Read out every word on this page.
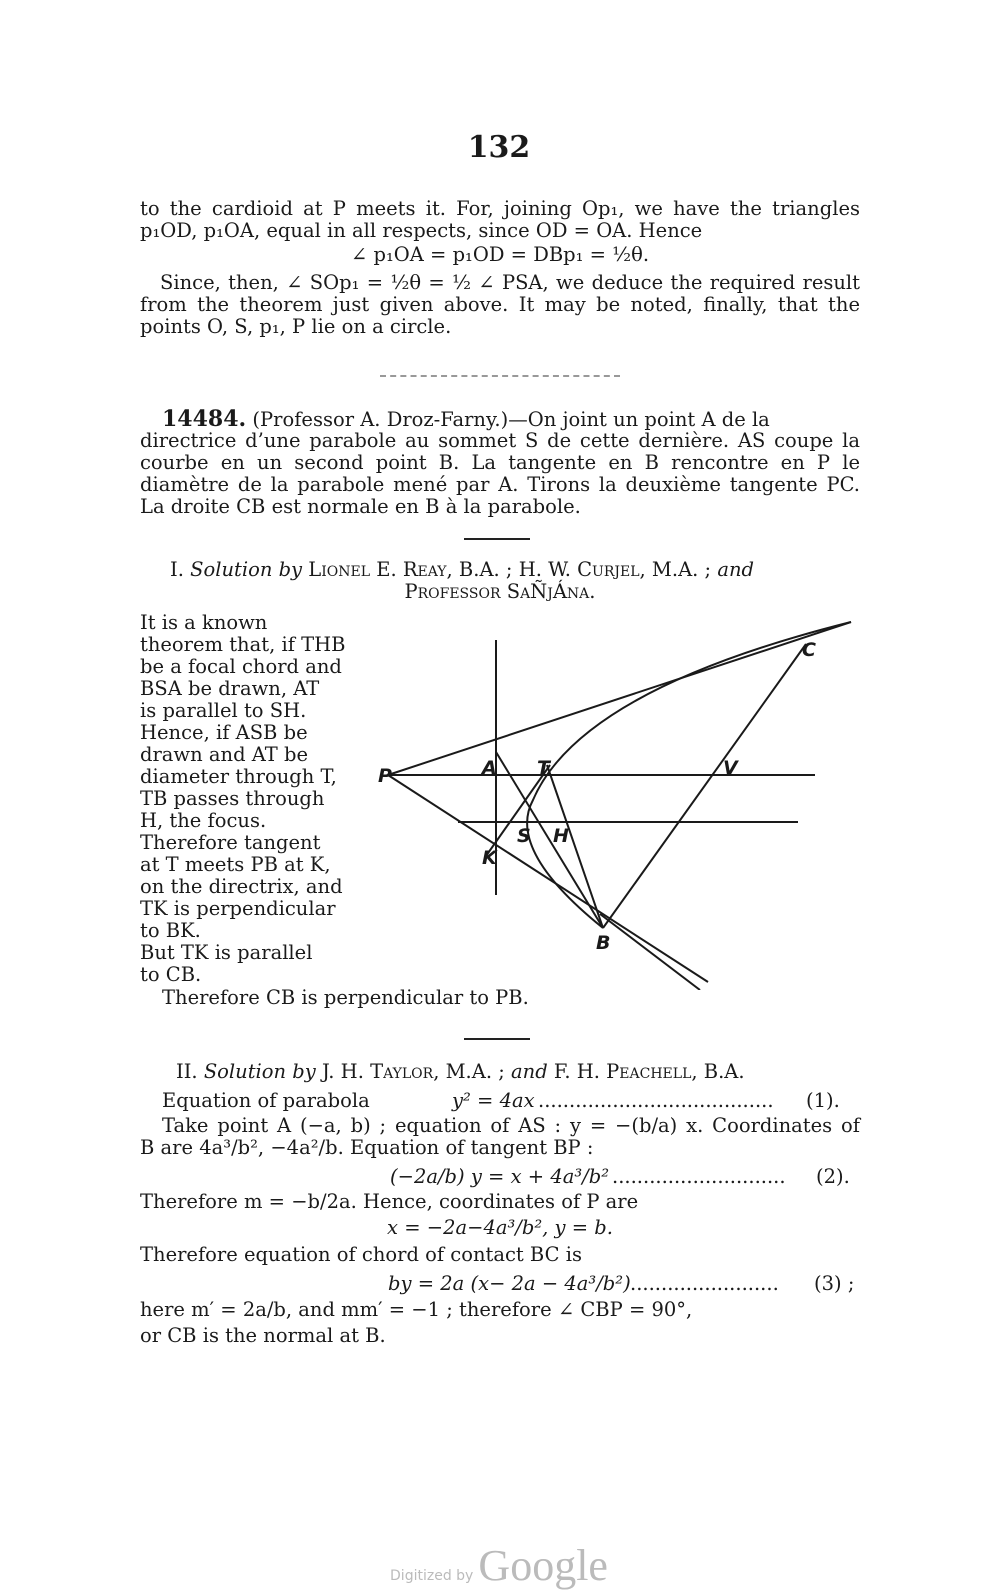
132
to the cardioid at P meets it. For, joining Op₁, we have the triangles
p₁OD, p₁OA, equal in all respects, since OD = OA. Hence
∠ p₁OA = p₁OD = DBp₁ = ½θ.
Since, then, ∠ SOp₁ = ½θ = ½ ∠ PSA, we deduce the required result
from the theorem just given above. It may be noted, finally, that the
points O, S, p₁, P lie on a circle.
14484. (Professor A. Droz-Farny.)—On joint un point A de la
directrice d’une parabole au sommet S de cette dernière. AS coupe la
courbe en un second point B. La tangente en B rencontre en P le
diamètre de la parabole mené par A. Tirons la deuxième tangente PC.
La droite CB est normale en B à la parabole.
I. Solution by Lionel E. Reay, B.A. ; H. W. Curjel, M.A. ; and
Professor SaÑjÁna.
It is a known
theorem that, if THB
be a focal chord and
BSA be drawn, AT
is parallel to SH.
Hence, if ASB be
drawn and AT be
diameter through T,
TB passes through
H, the focus.
Therefore tangent
at T meets PB at K,
on the directrix, and
TK is perpendicular
to BK.
But TK is parallel
to CB.
Therefore CB is perpendicular to PB.
P	A T	V
S H
K
B
C
II. Solution by J. H. Taylor, M.A. ; and F. H. Peachell, B.A.
Equation of parabola	y² = 4ax ......................................	(1).
Take point A (−a, b) ; equation of AS : y = −(b/a) x. Coordinates of
B are 4a³/b², −4a²/b. Equation of tangent BP :
(−2a/b) y = x + 4a³/b² ............................	(2).
Therefore m = −b/2a. Hence, coordinates of P are
x = −2a−4a³/b², y = b.
Therefore equation of chord of contact BC is
by = 2a (x− 2a − 4a³/b²) ........................	(3) ;
here m′ = 2a/b, and mm′ = −1 ; therefore ∠ CBP = 90°,
or CB is the normal at B.
Digitized by Google
